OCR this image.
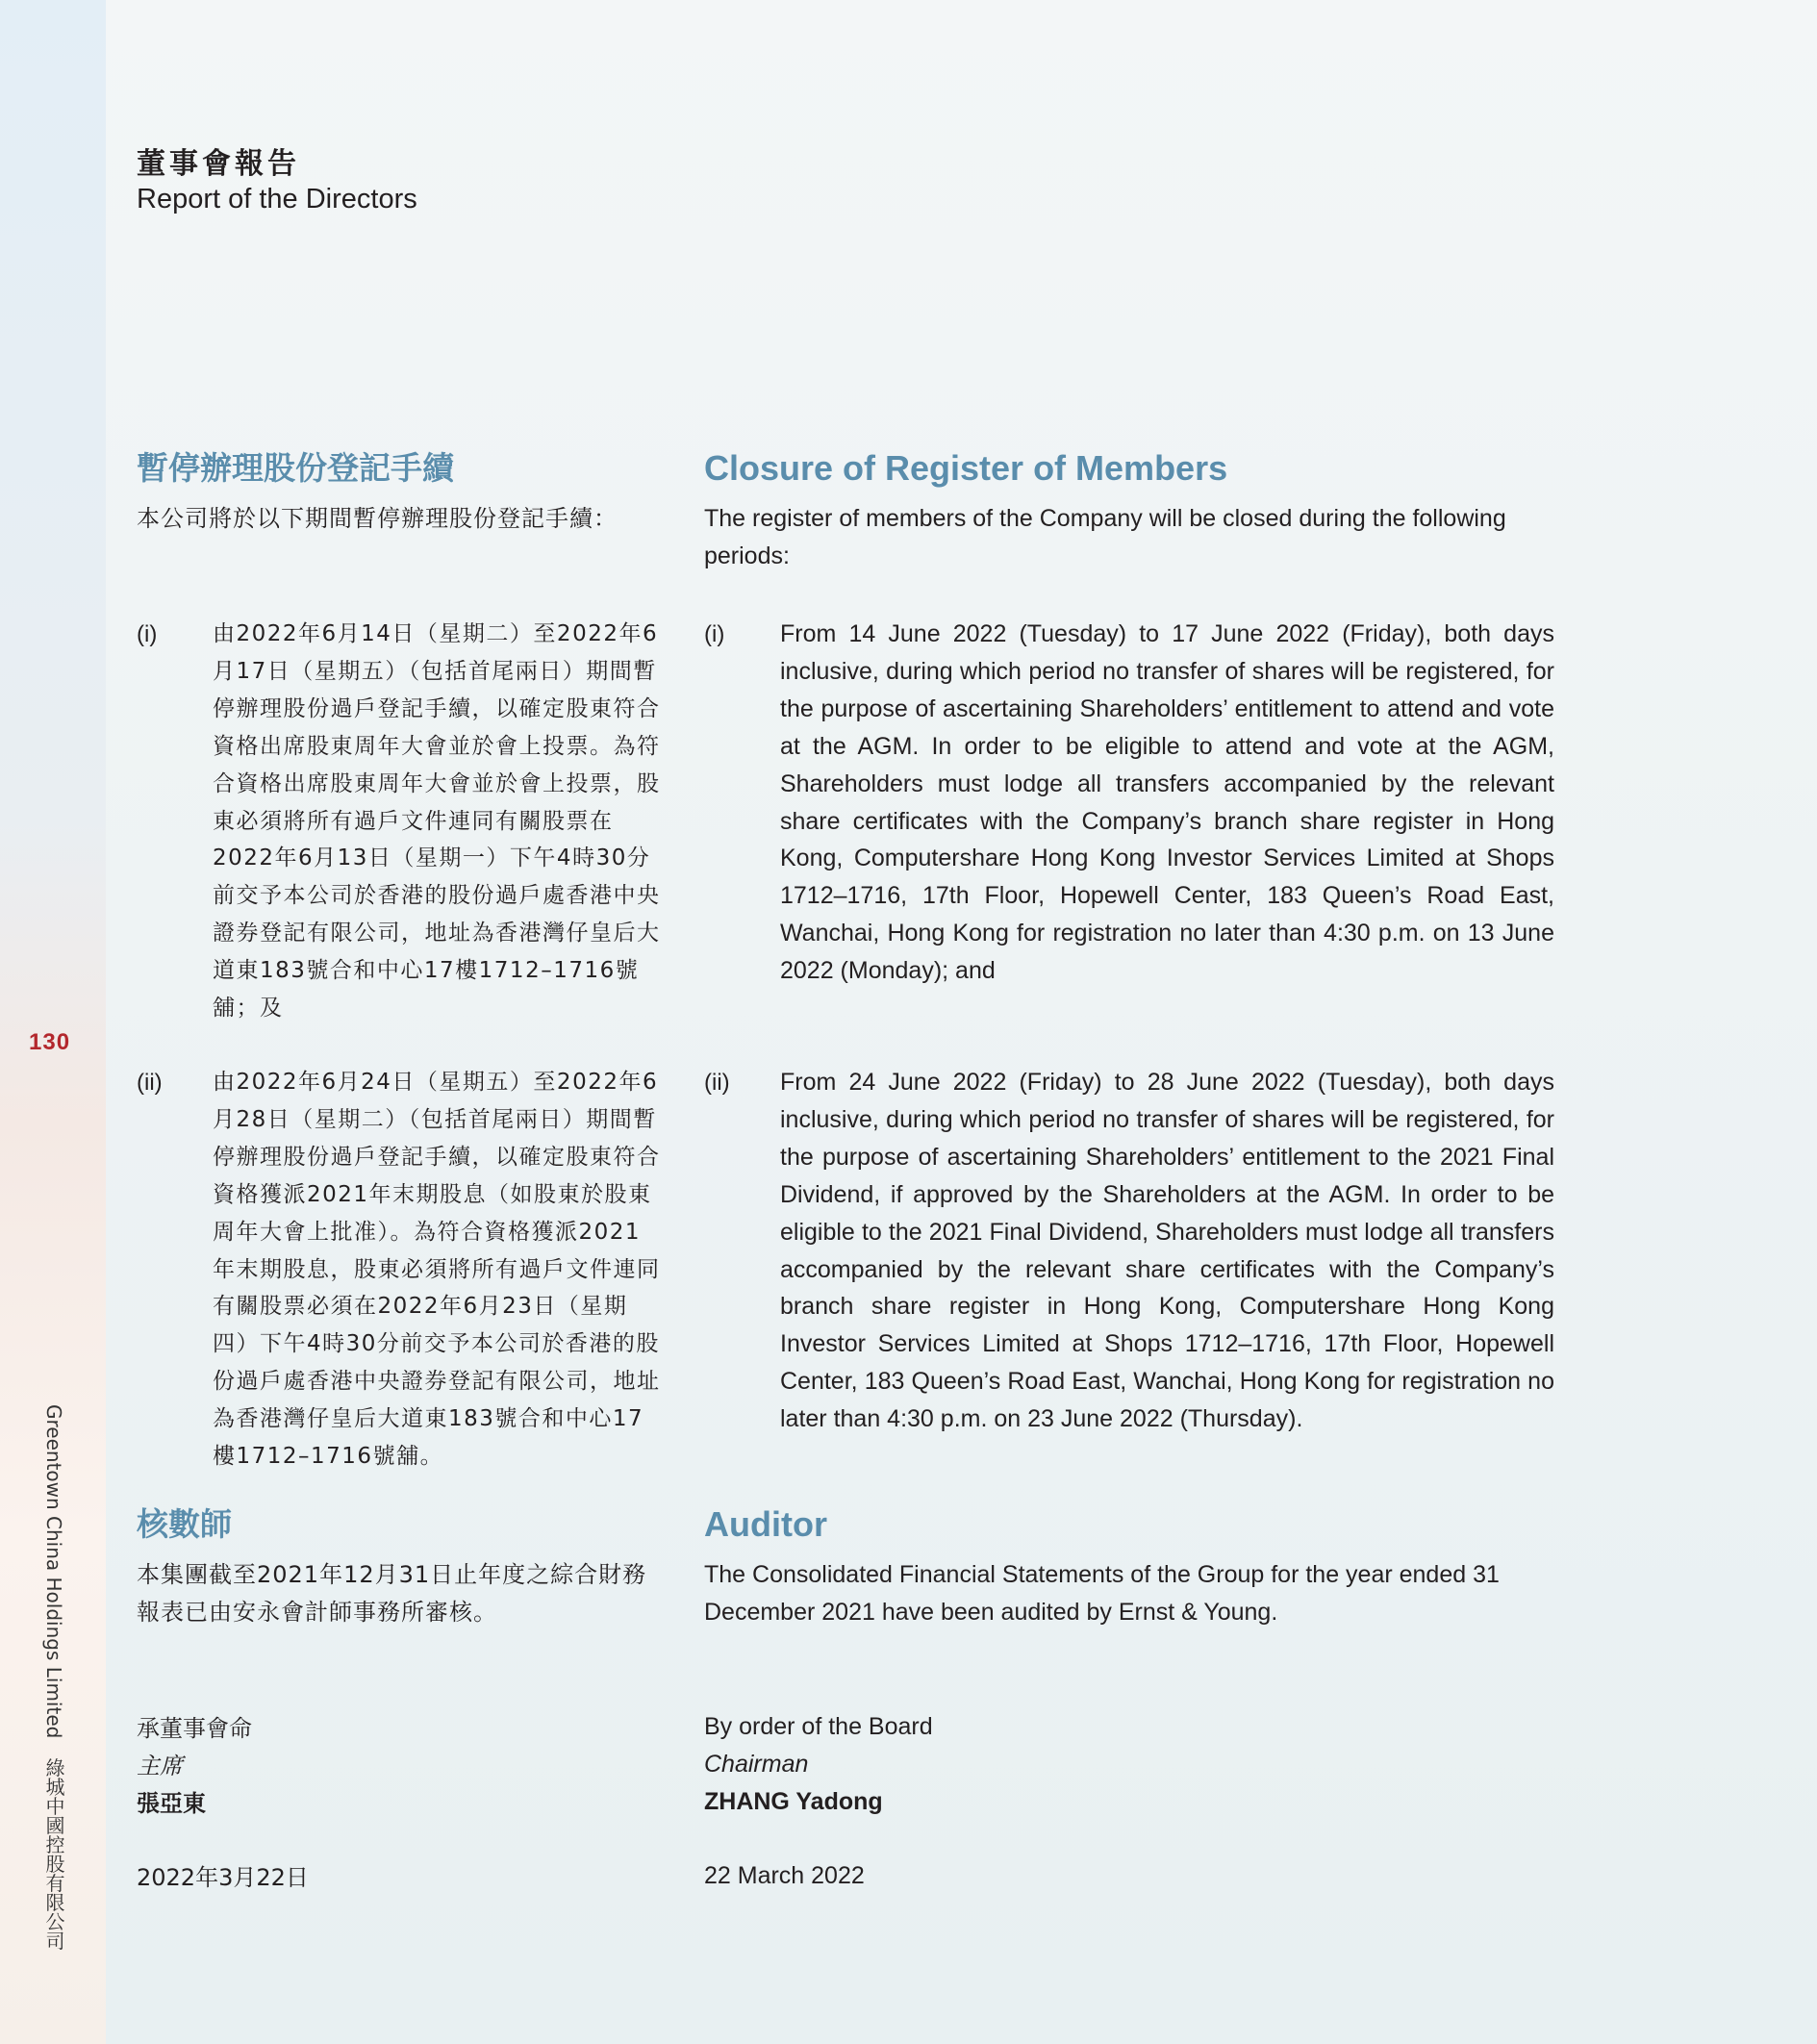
130
Greentown China Holdings Limited　綠城中國控股有限公司
董事會報告
Report of the Directors
暫停辦理股份登記手續

本公司將於以下期間暫停辦理股份登記手續：

(i)	由2022年6月14日（星期二）至2022年6月17日（星期五）（包括首尾兩日）期間暫停辦理股份過戶登記手續，以確定股東符合資格出席股東周年大會並於會上投票。為符合資格出席股東周年大會並於會上投票，股東必須將所有過戶文件連同有關股票在2022年6月13日（星期一）下午4時30分前交予本公司於香港的股份過戶處香港中央證券登記有限公司，地址為香港灣仔皇后大道東183號合和中心17樓1712–1716號舖；及
(ii)	由2022年6月24日（星期五）至2022年6月28日（星期二）（包括首尾兩日）期間暫停辦理股份過戶登記手續，以確定股東符合資格獲派2021年末期股息（如股東於股東周年大會上批准）。為符合資格獲派2021年末期股息，股東必須將所有過戶文件連同有關股票必須在2022年6月23日（星期四）下午4時30分前交予本公司於香港的股份過戶處香港中央證券登記有限公司，地址為香港灣仔皇后大道東183號合和中心17樓1712–1716號舖。
核數師

本集團截至2021年12月31日止年度之綜合財務報表已由安永會計師事務所審核。

承董事會命
主席
張亞東
2022年3月22日
Closure of Register of Members

The register of members of the Company will be closed during the following periods:

(i)	From 14 June 2022 (Tuesday) to 17 June 2022 (Friday), both days inclusive, during which period no transfer of shares will be registered, for the purpose of ascertaining Shareholders’ entitlement to attend and vote at the AGM. In order to be eligible to attend and vote at the AGM, Shareholders must lodge all transfers accompanied by the relevant share certificates with the Company’s branch share register in Hong Kong, Computershare Hong Kong Investor Services Limited at Shops 1712–1716, 17th Floor, Hopewell Center, 183 Queen’s Road East, Wanchai, Hong Kong for registration no later than 4:30 p.m. on 13 June 2022 (Monday); and
(ii)	From 24 June 2022 (Friday) to 28 June 2022 (Tuesday), both days inclusive, during which period no transfer of shares will be registered, for the purpose of ascertaining Shareholders’ entitlement to the 2021 Final Dividend, if approved by the Shareholders at the AGM. In order to be eligible to the 2021 Final Dividend, Shareholders must lodge all transfers accompanied by the relevant share certificates with the Company’s branch share register in Hong Kong, Computershare Hong Kong Investor Services Limited at Shops 1712–1716, 17th Floor, Hopewell Center, 183 Queen’s Road East, Wanchai, Hong Kong for registration no later than 4:30 p.m. on 23 June 2022 (Thursday).
Auditor

The Consolidated Financial Statements of the Group for the year ended 31 December 2021 have been audited by Ernst & Young.

By order of the Board
Chairman
ZHANG Yadong
22 March 2022
